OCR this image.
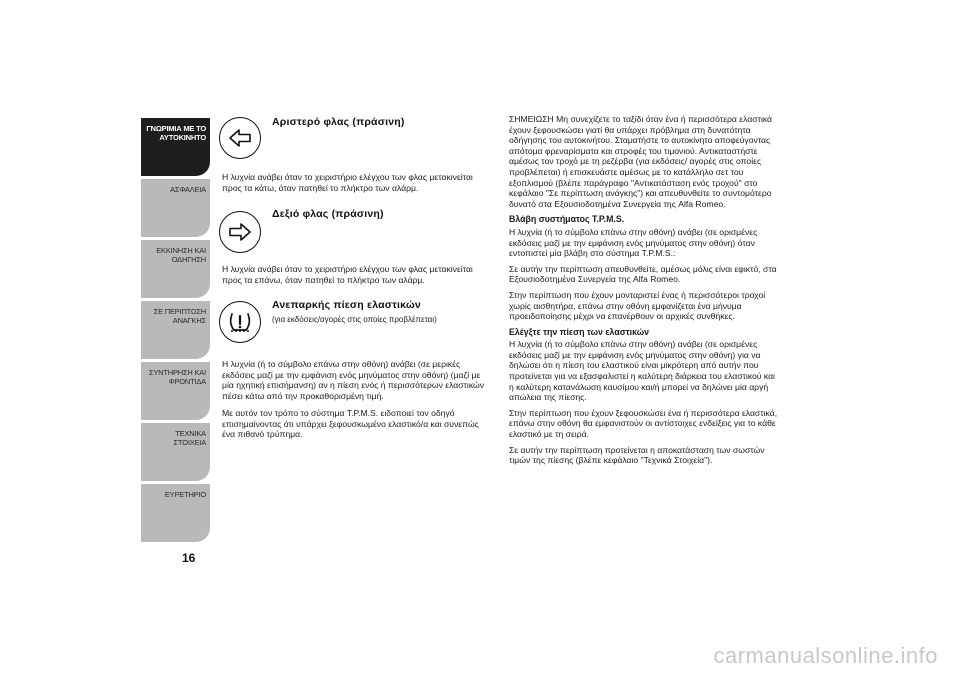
ΓΝΩΡΙΜΙΑ ΜΕ ΤΟ
ΑΥΤΟΚΙΝΗΤΟ
ΑΣΦΑΛΕΙΑ
ΕΚΚΙΝΗΣΗ ΚΑΙ
ΟΔΗΓΗΣΗ
ΣΕ ΠΕΡΙΠΤΩΣΗ
ΑΝΑΓΚΗΣ
ΣΥΝΤΗΡΗΣΗ ΚΑΙ
ΦΡΟΝΤΙΔΑ
ΤΕΧΝΙΚΑ ΣΤΟΙΧΕΙΑ
ΕΥΡΕΤΗΡΙΟ
16
Αριστερό φλας (πράσινη)
Η λυχνία ανάβει όταν το χειριστήριο ελέγχου των φλας μετακινείται προς τα κάτω, όταν πατηθεί το πλήκτρο των αλάρμ.
Δεξιό φλας (πράσινη)
Η λυχνία ανάβει όταν το χειριστήριο ελέγχου των φλας μετακινείται προς τα επάνω, όταν πατηθεί το πλήκτρο των αλάρμ.
Ανεπαρκής πίεση ελαστικών
(για εκδόσεις/αγορές στις οποίες προβλέπεται)
Η λυχνία (ή το σύμβολο επάνω στην οθόνη) ανάβει (σε μερικές εκδόσεις μαζί με την εμφάνιση ενός μηνύματος στην οθόνη) (μαζί με μία ηχητική επισήμανση) αν η πίεση ενός ή περισσότερων ελαστικών πέσει κάτω από την προκαθορισμένη τιμή.
Με αυτόν τον τρόπο το σύστημα T.P.M.S. ειδοποιεί τον οδηγό επισημαίνοντας ότι υπάρχει ξεφουσκωμένο ελαστικό/α και συνεπώς ένα πιθανό τρύπημα.

ΣΗΜΕΙΩΣΗ Μη συνεχίζετε το ταξίδι όταν ένα ή περισσότερα ελαστικά έχουν ξεφουσκώσει γιατί θα υπάρχει πρόβλημα στη δυνατότητα οδήγησης του αυτοκινήτου. Σταματήστε το αυτοκίνητο αποφεύγοντας απότομα φρεναρίσματα και στροφές του τιμονιού. Αντικαταστήστε αμέσως τον τροχό με τη ρεζέρβα (για εκδόσεις/ αγορές στις οποίες προβλέπεται) ή επισκευάστε αμέσως με το κατάλληλο σετ του εξοπλισμού (βλέπε παράγραφο "Αντικατάσταση ενός τροχού" στο κεφάλαιο "Σε περίπτωση ανάγκης") και απευθυνθείτε το συντομότερο δυνατό στα Εξουσιοδοτημένα Συνεργεία της Alfa Romeo.

Βλάβη συστήματος T.P.M.S.

Η λυχνία (ή το σύμβολο επάνω στην οθόνη) ανάβει (σε ορισμένες εκδόσεις μαζί με την εμφάνιση ενός μηνύματος στην οθόνη) όταν εντοπιστεί μία βλάβη στο σύστημα T.P.M.S.:

Σε αυτήν την περίπτωση απευθυνθείτε, αμέσως μόλις είναι εφικτό, στα Εξουσιοδοτημένα Συνεργεία της Alfa Romeo.

Στην περίπτωση που έχουν μονταριστεί ένας ή περισσότεροι τροχοί χωρίς αισθητήρα, επάνω στην οθόνη εμφανίζεται ένα μήνυμα προειδοποίησης μέχρι να επανέρθουν οι αρχικές συνθήκες.

Ελέγξτε την πίεση των ελαστικών

Η λυχνία (ή το σύμβολο επάνω στην οθόνη) ανάβει (σε ορισμένες εκδόσεις μαζί με την εμφάνιση ενός μηνύματος στην οθόνη) για να δηλώσει ότι η πίεση του ελαστικού είναι μικρότερη από αυτήν που προτείνεται για να εξασφαλιστεί η καλύτερη διάρκεια του ελαστικού και η καλύτερη κατανάλωση καυσίμου και/ή μπορεί να δηλώνει μία αργή απώλεια της πίεσης.

Στην περίπτωση που έχουν ξεφουσκώσει ένα ή περισσότερα ελαστικά, επάνω στην οθόνη θα εμφανιστούν οι αντίστοιχες ενδείξεις για το κάθε ελαστικό με τη σειρά.

Σε αυτήν την περίπτωση προτείνεται η αποκατάσταση των σωστών τιμών της πίεσης (βλέπε κεφάλαιο "Τεχνικά Στοιχεία").

carmanualsonline.info
